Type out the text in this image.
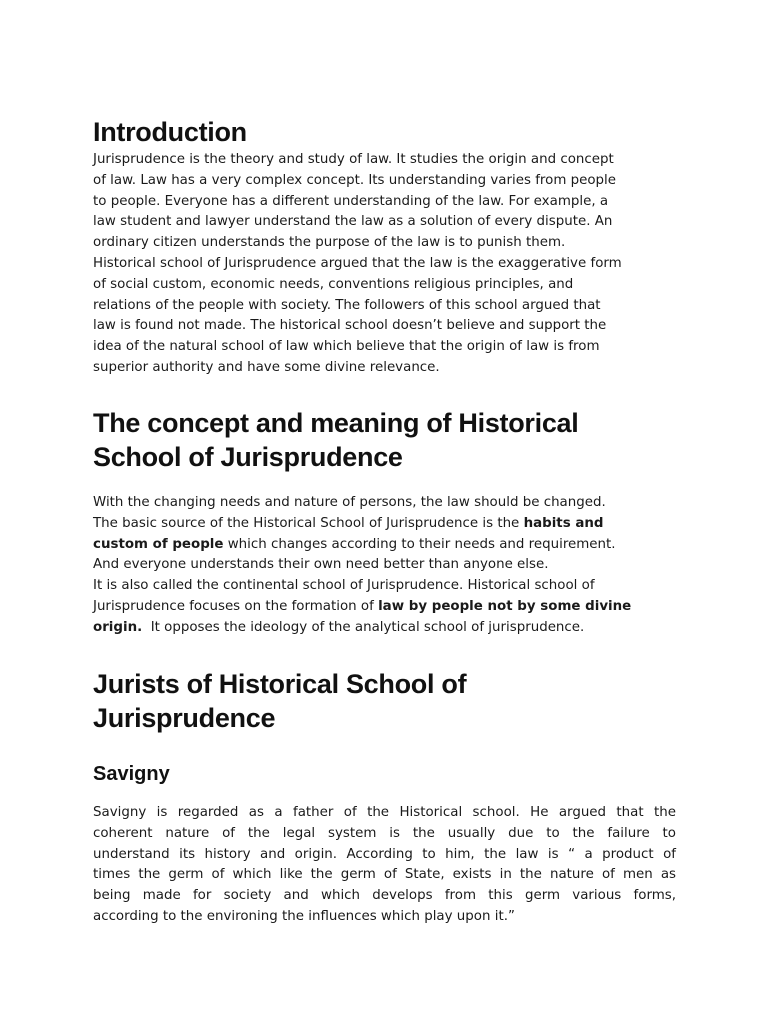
Introduction
Jurisprudence is the theory and study of law. It studies the origin and concept
of law. Law has a very complex concept. Its understanding varies from people
to people. Everyone has a different understanding of the law. For example, a
law student and lawyer understand the law as a solution of every dispute. An
ordinary citizen understands the purpose of the law is to punish them.
Historical school of Jurisprudence argued that the law is the exaggerative form
of social custom, economic needs, conventions religious principles, and
relations of the people with society. The followers of this school argued that
law is found not made. The historical school doesn’t believe and support the
idea of the natural school of law which believe that the origin of law is from
superior authority and have some divine relevance.
The concept and meaning of Historical
School of Jurisprudence
With the changing needs and nature of persons, the law should be changed.
The basic source of the Historical School of Jurisprudence is the habits and
custom of people which changes according to their needs and requirement.
And everyone understands their own need better than anyone else.
It is also called the continental school of Jurisprudence. Historical school of
Jurisprudence focuses on the formation of law by people not by some divine
origin.  It opposes the ideology of the analytical school of jurisprudence.
Jurists of Historical School of
Jurisprudence
Savigny
Savigny is regarded as a father of the Historical school. He argued that the
coherent nature of the legal system is the usually due to the failure to
understand its history and origin. According to him, the law is “ a product of
times the germ of which like the germ of State, exists in the nature of men as
being made for society and which develops from this germ various forms,
according to the environing the influences which play upon it.”
